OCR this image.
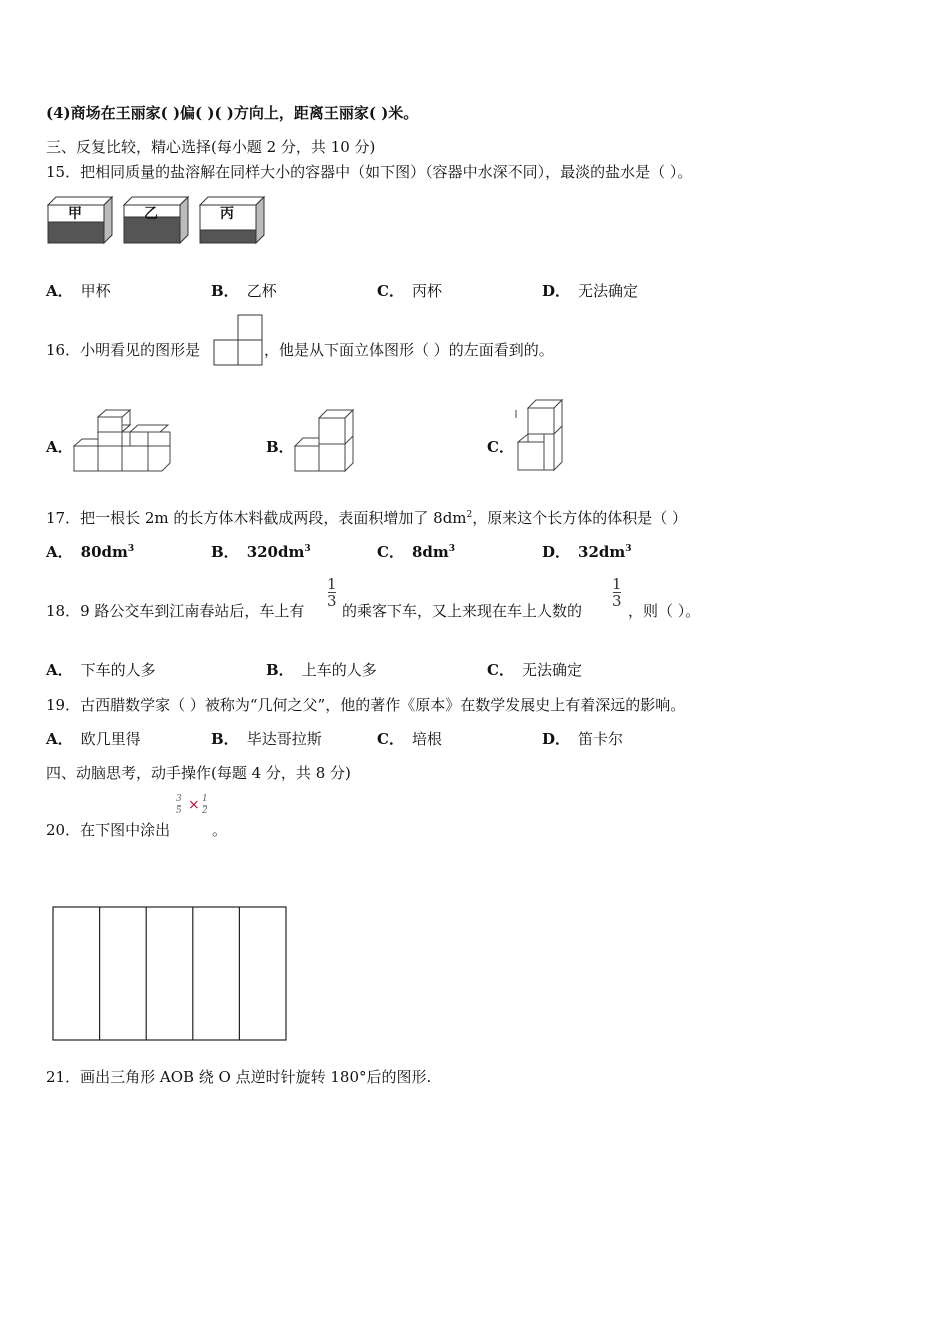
(4)商场在王丽家( )偏( )( )方向上，距离王丽家( )米。
三、反复比较，精心选择(每小题 2 分，共 10 分)
15．把相同质量的盐溶解在同样大小的容器中（如下图）（容器中水深不同），最淡的盐水是（ ）。
甲	乙	丙
A． 甲杯	B． 乙杯	C． 丙杯	D． 无法确定
16．小明看见的图形是	，他是从下面立体图形（ ）的左面看到的。
A．	B．	C．
17．把一根长 2m 的长方体木料截成两段，表面积增加了 $8dm^2$，原来这个长方体的体积是（ ）
A． $80dm^3$	B． $320dm^3$	C． $8dm^3$	D． $32dm^3$
18．9 路公交车到江南春站后，车上有
1
3
的乘客下车，又上来现在车上人数的
1
3
，则（ ）。
A． 下车的人多	B． 上车的人多	C． 无法确定
19．古西腊数学家（ ）被称为“几何之父”，他的著作《原本》在数学发展史上有着深远的影响。
A． 欧几里得	B． 毕达哥拉斯	C． 培根	D． 笛卡尔
四、动脑思考，动手操作(每题 4 分，共 8 分)
20．在下图中涂出
3
5 × 1
2
。
21．画出三角形 AOB 绕 O 点逆时针旋转 180°后的图形.
